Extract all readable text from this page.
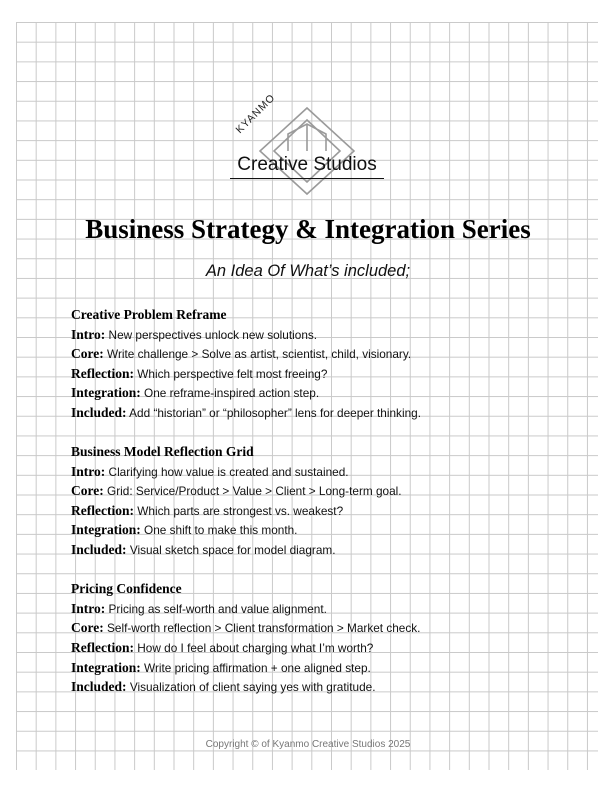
KYANMO
Creative Studios
Business Strategy & Integration Series
An Idea Of What’s included;
Creative Problem Reframe
Intro: New perspectives unlock new solutions.
Core: Write challenge > Solve as artist, scientist, child, visionary.
Reflection: Which perspective felt most freeing?
Integration: One reframe-inspired action step.
Included: Add “historian” or “philosopher” lens for deeper thinking.
Business Model Reflection Grid
Intro: Clarifying how value is created and sustained.
Core: Grid: Service/Product > Value > Client > Long-term goal.
Reflection: Which parts are strongest vs. weakest?
Integration: One shift to make this month.
Included: Visual sketch space for model diagram.
Pricing Confidence
Intro: Pricing as self-worth and value alignment.
Core: Self-worth reflection > Client transformation > Market check.
Reflection: How do I feel about charging what I’m worth?
Integration: Write pricing affirmation + one aligned step.
Included: Visualization of client saying yes with gratitude.
Copyright © of Kyanmo Creative Studios 2025
